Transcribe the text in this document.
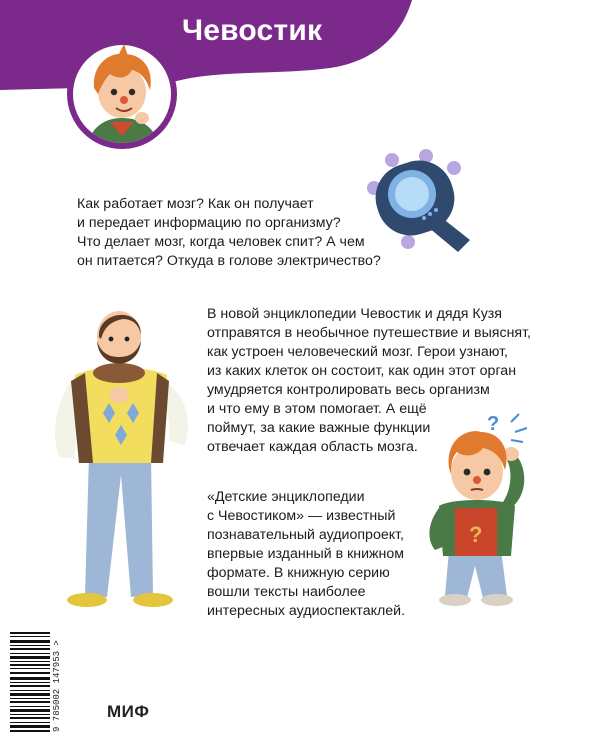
Чевостик

Как работает мозг? Как он получает
и передает информацию по организму?
Что делает мозг, когда человек спит? А чем
он питается? Откуда в голове электричество?

В новой энциклопедии Чевостик и дядя Кузя
отправятся в необычное путешествие и выяснят,
как устроен человеческий мозг. Герои узнают,
из каких клеток он состоит, как один этот орган
умудряется контролировать весь организм
и что ему в этом помогает. А ещё
поймут, за какие важные функции
отвечает каждая область мозга.

?
?

«Детские энциклопедии
с Чевостиком» — известный
познавательный аудиопроект,
впервые изданный в книжном
формате. В книжную серию
вошли тексты наиболее
интересных аудиоспектаклей.

9 785002 147953 >	МИФ
